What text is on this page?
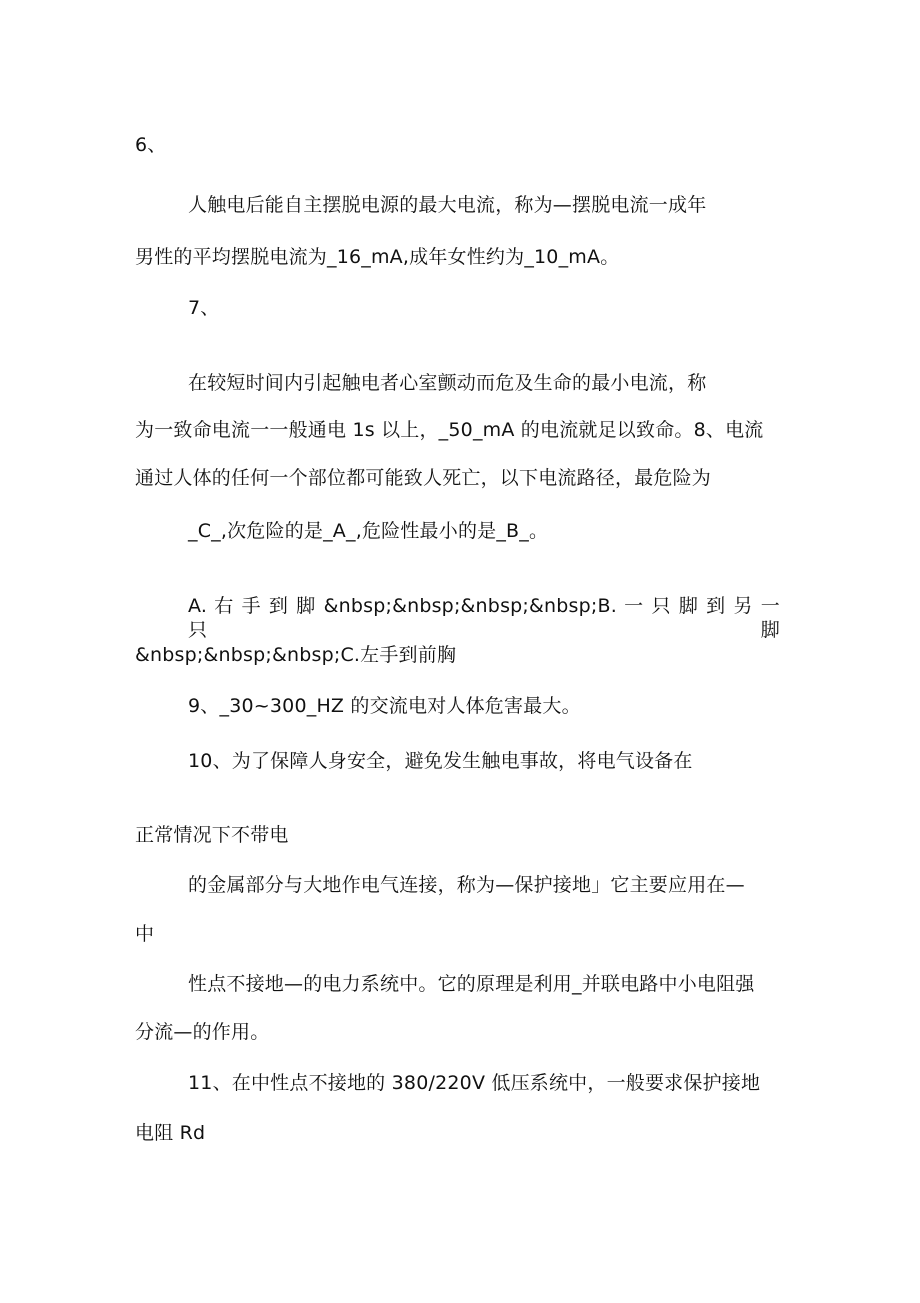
6、
人触电后能自主摆脱电源的最大电流，称为—摆脱电流一成年
男性的平均摆脱电流为_16_mA,成年女性约为_10_mA。
7、
在较短时间内引起触电者心室颤动而危及生命的最小电流，称
为一致命电流一一般通电 1s 以上，_50_mA 的电流就足以致命。8、电流
通过人体的任何一个部位都可能致人死亡，以下电流路径，最危险为
_C_,次危险的是_A_,危险性最小的是_B_。
A. 右 手 到 脚 &nbsp;&nbsp;&nbsp;&nbsp;B. 一 只 脚 到 另 一 只 脚
&nbsp;&nbsp;&nbsp;C.左手到前胸
9、_30~300_HZ 的交流电对人体危害最大。
10、为了保障人身安全，避免发生触电事故，将电气设备在
正常情况下不带电
的金属部分与大地作电气连接，称为—保护接地」它主要应用在—
中
性点不接地—的电力系统中。它的原理是利用_并联电路中小电阻强
分流—的作用。
11、在中性点不接地的 380/220V 低压系统中，一般要求保护接地
电阻 Rd
